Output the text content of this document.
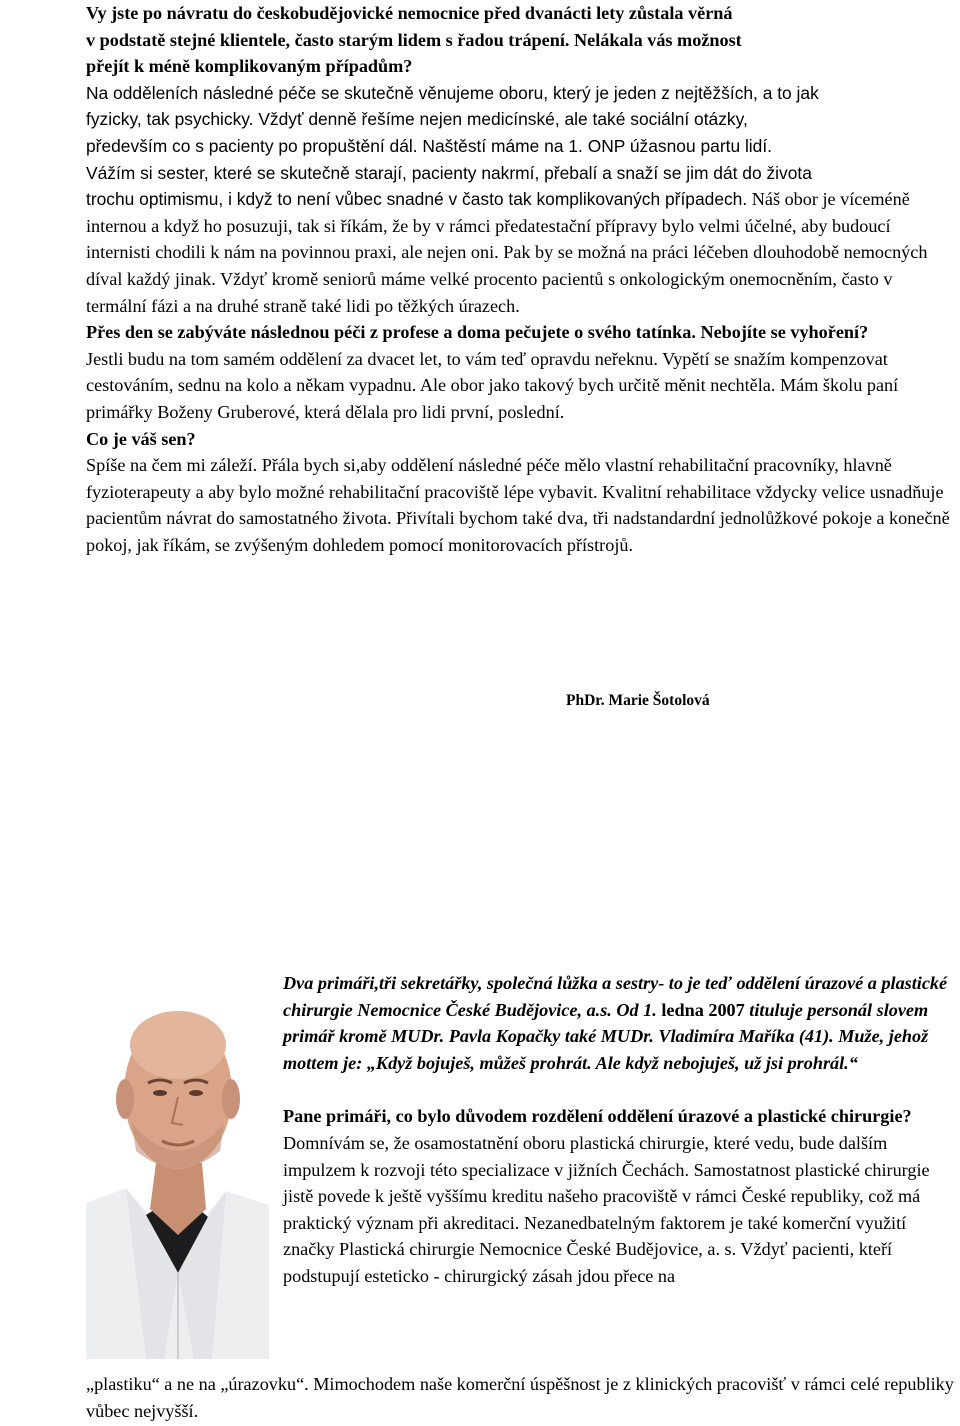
Vy jste po návratu do českobudějovické nemocnice před dvanácti lety zůstala věrná
v podstatě stejné klientele, často starým lidem s řadou trápení. Nelákala vás možnost
přejít k méně komplikovaným případům?

Na odděleních následné péče se skutečně věnujeme oboru, který je jeden z nejtěžších, a to jak
fyzicky, tak psychicky. Vždyť denně řešíme nejen medicínské, ale také sociální otázky,
především co s pacienty po propuštění dál. Naštěstí máme na 1. ONP úžasnou partu lidí.
Vážím si sester, které se skutečně starají, pacienty nakrmí, přebalí a snaží se jim dát do života
trochu optimismu, i když to není vůbec snadné v často tak komplikovaných případech. Náš obor je víceméně internou a když ho posuzuji, tak si říkám, že by v rámci předatestační přípravy bylo velmi účelné, aby budoucí internisti chodili k nám na povinnou praxi, ale nejen oni. Pak by se možná na práci léčeben dlouhodobě nemocných díval každý jinak. Vždyť kromě seniorů máme velké procento pacientů s onkologickým onemocněním, často v termální fázi a na druhé straně také lidi po těžkých úrazech.

Přes den se zabýváte následnou péči z profese a doma pečujete o svého tatínka. Nebojíte se vyhoření?

Jestli budu na tom samém oddělení za dvacet let, to vám teď opravdu neřeknu. Vypětí se snažím kompenzovat cestováním, sednu na kolo a někam vypadnu. Ale obor jako takový bych určitě měnit nechtěla. Mám školu paní primářky Boženy Gruberové, která dělala pro lidi první, poslední.

Co je váš sen?

Spíše na čem mi záleží. Přála bych si,aby oddělení následné péče mělo vlastní rehabilitační pracovníky, hlavně fyzioterapeuty a aby bylo možné rehabilitační pracoviště lépe vybavit. Kvalitní rehabilitace vždycky velice usnadňuje pacientům návrat do samostatného života. Přivítali bychom také dva, tři nadstandardní jednolůžkové pokoje a konečně pokoj, jak říkám, se zvýšeným dohledem pomocí monitorovacích přístrojů.

PhDr. Marie Šotolová

Dva primáři,tři sekretářky, společná lůžka a sestry- to je teď oddělení úrazové a plastické chirurgie Nemocnice České Budějovice, a.s. Od 1. ledna 2007 tituluje personál slovem primář kromě MUDr. Pavla Kopačky také MUDr. Vladimíra Maříka (41). Muže, jehož mottem je: „Když bojuješ, můžeš prohrát. Ale když nebojuješ, už jsi prohrál.“

Pane primáři, co bylo důvodem rozdělení oddělení úrazové a plastické chirurgie?

Domnívám se, že osamostatnění oboru plastická chirurgie, které vedu, bude dalším impulzem k rozvoji této specializace v jižních Čechách. Samostatnost plastické chirurgie jistě povede k ještě vyššímu kreditu našeho pracoviště v rámci České republiky, což má praktický význam při akreditaci. Nezanedbatelným faktorem je také komerční využití značky Plastická chirurgie Nemocnice České Budějovice, a. s. Vždyť pacienti, kteří podstupují esteticko - chirurgický zásah jdou přece na

„plastiku“ a ne na „úrazovku“. Mimochodem naše komerční úspěšnost je z klinických pracovišť v rámci celé republiky vůbec nejvyšší.
